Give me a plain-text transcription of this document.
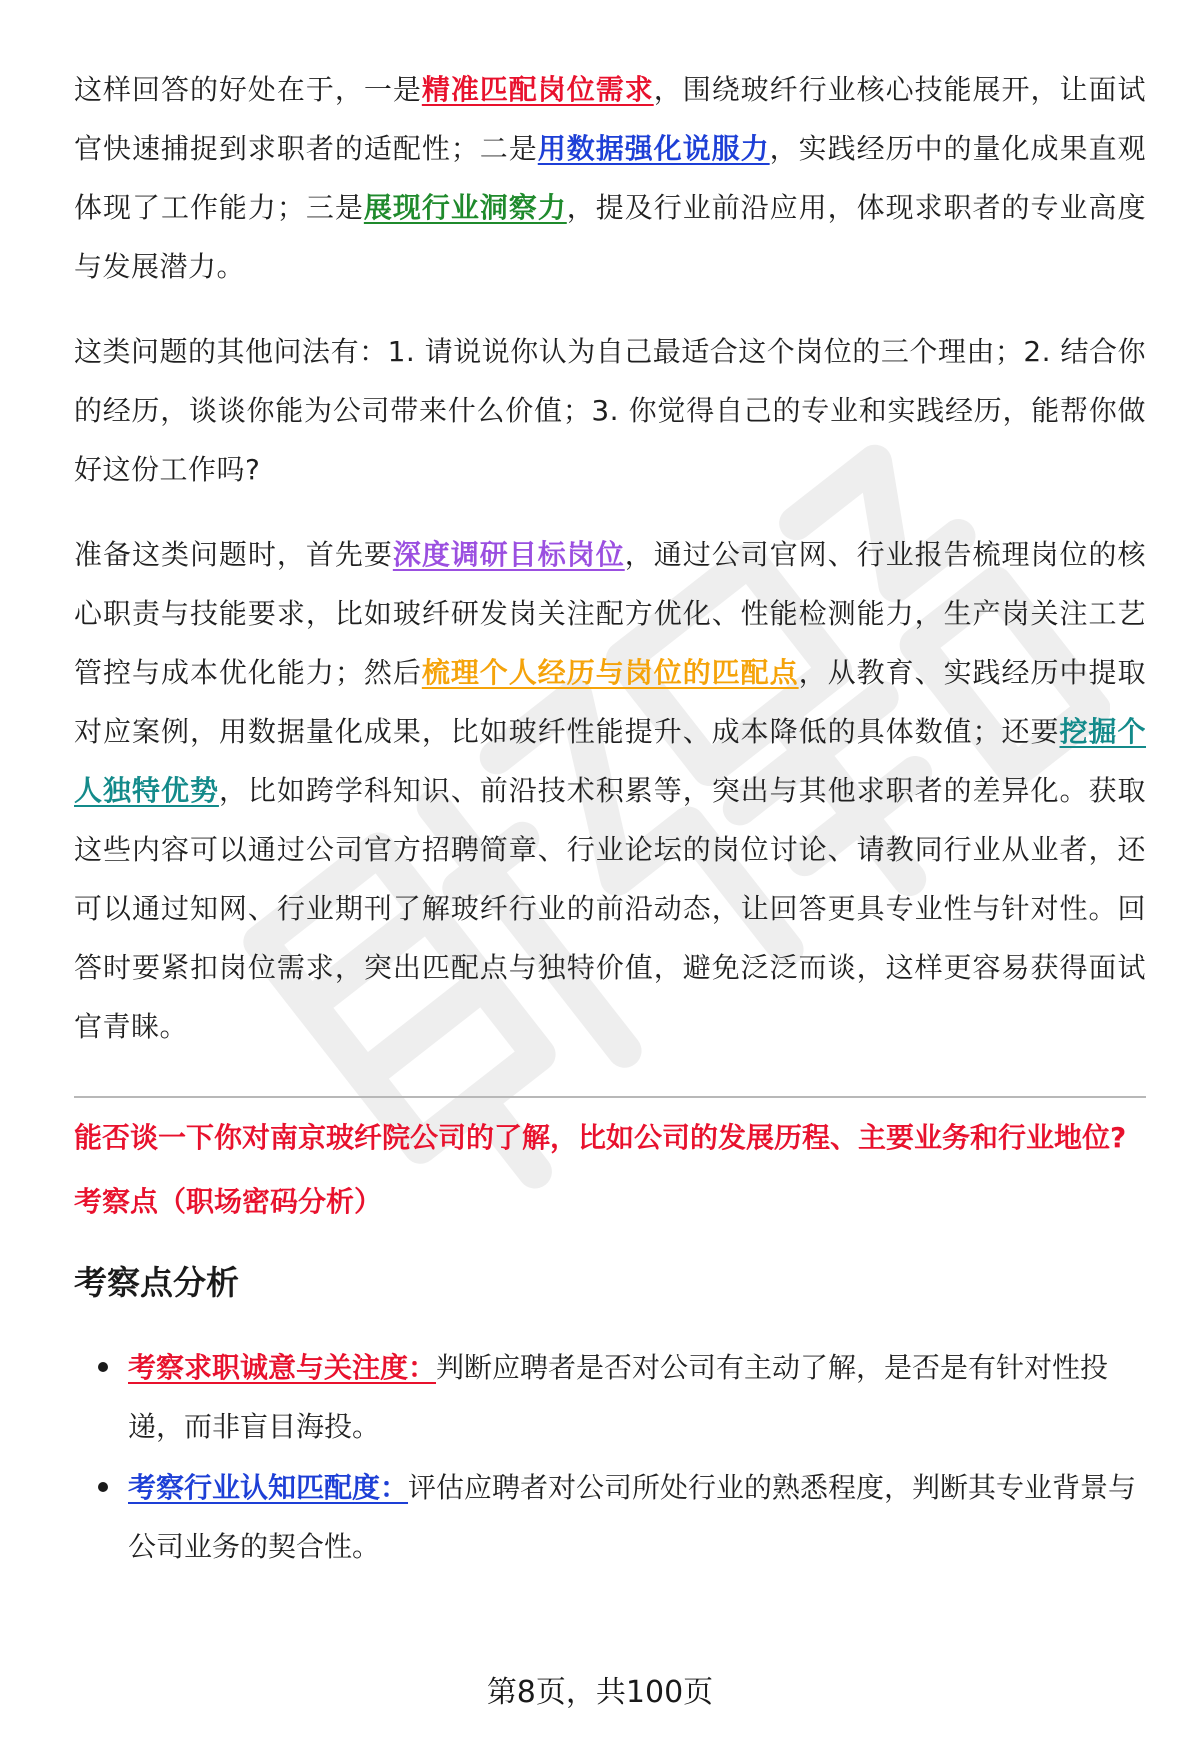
这样回答的好处在于，一是精准匹配岗位需求，围绕玻纤行业核心技能展开，让面试官快速捕捉到求职者的适配性；二是用数据强化说服力，实践经历中的量化成果直观体现了工作能力；三是展现行业洞察力，提及行业前沿应用，体现求职者的专业高度与发展潜力。

这类问题的其他问法有：1. 请说说你认为自己最适合这个岗位的三个理由；2. 结合你的经历，谈谈你能为公司带来什么价值；3. 你觉得自己的专业和实践经历，能帮你做好这份工作吗?

准备这类问题时，首先要深度调研目标岗位，通过公司官网、行业报告梳理岗位的核心职责与技能要求，比如玻纤研发岗关注配方优化、性能检测能力，生产岗关注工艺管控与成本优化能力；然后梳理个人经历与岗位的匹配点，从教育、实践经历中提取对应案例，用数据量化成果，比如玻纤性能提升、成本降低的具体数值；还要挖掘个人独特优势，比如跨学科知识、前沿技术积累等，突出与其他求职者的差异化。获取这些内容可以通过公司官方招聘简章、行业论坛的岗位讨论、请教同行业从业者，还可以通过知网、行业期刊了解玻纤行业的前沿动态，让回答更具专业性与针对性。回答时要紧扣岗位需求，突出匹配点与独特价值，避免泛泛而谈，这样更容易获得面试官青睐。

能否谈一下你对南京玻纤院公司的了解，比如公司的发展历程、主要业务和行业地位?
考察点（职场密码分析）
考察点分析
考察求职诚意与关注度：判断应聘者是否对公司有主动了解，是否是有针对性投递，而非盲目海投。
考察行业认知匹配度：评估应聘者对公司所处行业的熟悉程度，判断其专业背景与公司业务的契合性。
第8页，共100页
